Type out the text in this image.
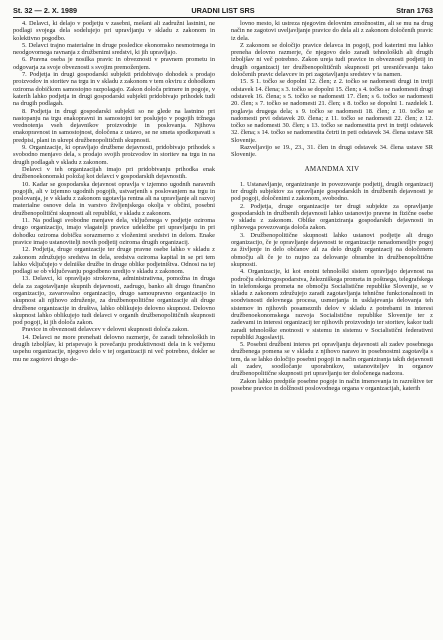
St. 32 — 2. X. 1989	URADNI LIST SRS	Stran 1763

4. Delavci, ki delajo v podjetju v zasebni, mešani ali zadružni lastnini, ne podlagi svojega dela sodelujejo pri upravljanju v skladu z zakonom in kolektivno pogodbo.

5. Delavci trajno materialne in druge posledice ekonomsko nesmotrnega in neodgovornega ravnanja z družbenimi sredstvi, ki jih upravljajo.

6. Pravna oseba je nosilka pravic in obveznosti v pravnem prometu in odgovarja za svoje obveznosti s svojim premoženjem.

7. Podjetja in drugi gospodarski subjekti pridobivajo dohodek s prodajo proizvodov in storitev na trgu in v skladu z zakonom v tem okviru z dohodkom oziroma dobičkom samostojno razpolagajo. Zakon določa primere in pogoje, v katerih lahko podjetja in drugi gospodarski subjekti pridobivajo prihodek tudi na drugih podlagah.

8. Podjetja in drugi gospodarski subjekti so ne glede na lastnino pri nastopanju na trgu enakopravni in samostojni ter poslujejo v pogojih tržnega vrednotenja vseh dejavnikov proizvodnje in poslovanja. Njihova enakopravnost in samostojnost, določena z ustavo, se ne smeta spodkopavati s predpisi, plani in ukrepi družbenopolitičnih skupnosti.

9. Organizacije, ki opravljajo družbene dejavnosti, pridobivajo prihodek s svobodno menjavo dela, s prodajo svojih proizvodov in storitev na trgu in na drugih podlagah v skladu z zakonom.

Delavci v teh organizacijah imajo pri pridobivanju prihodka enak družbenoekonomski položaj kot delavci v gospodarskih dejavnostih.

10. Kadar se gospodarska dejavnost opravlja v izjemno ugodnih naravnih pogojih, ali v izjemno ugodnih pogojih, ustvarjenih s poslovanjem na trgu in poslovanja, je v skladu z zakonom ugotavlja rentna ali na upravljanje ali razvoj materialne osnove dela in varstvo življenjskega okolja v občini, posebni družbenopolitični skupnosti ali republiki, v skladu z zakonom.

11. Na podlagi svobodne menjave dela, vključenega v podjetje oziroma drugo organizacijo, imajo vlagatelji pravice udeležbe pri upravljanju in pri dohodku oziroma dobičku sorazmerno z vloženimi sredstvi in delom. Enake pravice imajo ustanovitelji novih podjetij oziroma drugih organizacij.

12. Podjetja, druge organizacije ter druge pravne osebe lahko v skladu z zakonom združujejo sredstva in dela, sredstva oziroma kapital in se pri tem lahko vključujejo v delniške družbe in druge oblike podjetništva. Odnosi na tej podlagi se ob vključevanju pogodbeno uredijo v skladu z zakonom.

13. Delavci, ki opravljajo strokovna, administrativna, pomožna in druga dela za zagotavljanje skupnih dejavnosti, zadrugo, banko ali drugo finančno organizacijo, zavarovalno organizacijo, drugo samoupravno organizacijo in skupnost ali njihovo združenje, za družbenopolitične organizacije ali druge družbene organizacije in društva, lahko oblikujejo delovno skupnost. Delovno skupnost lahko oblikujejo tudi delavci v organih družbenopolitičnih skupnosti pod pogoji, ki jih določa zakon.

Pravice in obveznosti delavcev v delovni skupnosti določa zakon.

14. Delavci ne more prenehati delovno razmerje, če zaradi tehnoloških in drugih izboljšav, ki prispevajo k povečanju produktivnosti dela in k večjemu uspehu organizacije, njegovo delo v tej organizaciji ni več potrebno, dokler se mu ne zagotovi drugo de-

lovno mesto, ki ustreza njegovim delovnim zmožnostim, ali se mu na drug način ne zagotovi uveljavljanje pravice do dela ali z zakonom določenih pravic iz dela.

Z zakonom se določijo pravice delavca in pogoji, pod katerimi mu lahko preneha delovno razmerje, če njegovo delo zaradi tehnoloških ali drugih izboljšav ni več potrebno. Zakon ureja tudi pravice in obveznosti podjetij in drugih organizacij ter družbenopolitičnih skupnosti pri uresničevanju tako določenih pravic delavcev in pri zagotavljanju sredstev v ta namen.

15. S 1. točko se dopolni 12. člen; z 2. točko se nadomesti drugi in tretji odstavek 14. člena; s 3. točko se dopolni 15. člen; s 4. točko se nadomesti drugi odstavek 16. člena; s 5. točko se nadomesti 17. člen; s 6. točko se nadomesti 20. člen; s 7. točko se nadomesti 21. člen; s 8. točko se dopolni 1. razdelek I. poglavja drugega dela; s 9. točko se nadomesti 18. člen; z 10. točko se nadomesti prvi odstavek 20. člena; z 11. točko se nadomesti 22. člen; z 12. točko se nadomesti 30. člen; s 13. točko se nadomestita prvi in tretji odstavek 32. člena; s 14. točko se nadomestita četrti in peti odstavek 34. člena ustave SR Slovenije.

Razveljavijo se 19., 23., 31. člen in drugi odstavek 34. člena ustave SR Slovenije.

AMANDMA XIV

1. Ustanavljanje, organiziranje in povezovanje podjetij, drugih organizacij ter drugih subjektov za opravljanje gospodarskih in družbenih dejavnosti je pod pogoji, določenimi z zakonom, svobodno.

2. Podjetja, druge organizacije ter drugi subjekte za opravljanje gospodarskih in družbenih dejavnosti lahko ustanovijo pravne in fizične osebe v skladu z zakonom. Oblike organiziranja gospodarskih dejavnosti in njihovega povezovanja določa zakon.

3. Družbenopolitične skupnosti lahko ustanovi podjetje ali drugo organizacijo, če je opravljanje dejavnosti te organizacije nenadomestljiv pogoj za življenje in delo občanov ali za delo drugih organizacij na določenem območju ali če je to nujno za delovanje obrambe in družbenopolitične skupnosti.

4. Organizacije, ki kot enotni tehnološki sistem opravljajo dejavnost na področju elektrogospodarstva, železniškega prometa in poštnega, telegrafskega in telefonskega prometa ne območju Socialistične republike Slovenije, se v skladu z zakonom združujejo zaradi zagotavljanja tehnične funkcionalnosti in soodvisnosti delovnega procesa, usmerjanja in usklajevanja delovanja teh sistemov in njihovih posameznih delov v skladu z potrebami in interesi družbenoekonomskega razvoja Socialistične republike Slovenije ter z zadevami in interesi organizacij ter njihovih proizvodnjo ter storitev, kakor tudi zaradi tehnološke enotnosti v sistemu in sistemu v Socialistični federativni republiki Jugoslaviji.

5. Posebni družbeni interes pri opravljanju dejavnosti ali zadev posebnega družbenega pomena se v skladu z njihovo naravo in posebnostmi zagotavlja s tem, da se lahko določijo posebni pogoji in način organiziranja takih dejavnosti ali zadev, soodločanje uporabnikov, ustanoviteljev in organov družbenopolitične skupnosti pri upravljanju ter določenega nadzora.

Zakon lahko predpiše posebne pogoje in način imenovanja in razrešitve ter posebne pravice in dolžnosti poslovodnega organa v organizacijah, katerih
